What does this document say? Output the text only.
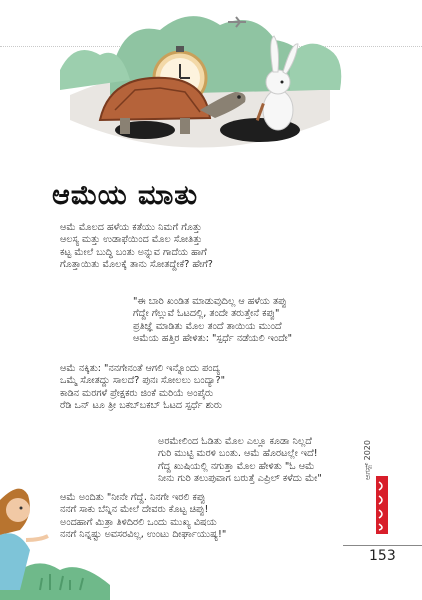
ಆಮೆಯ ಮಾತು
ಆಮೆ ಮೊಲದ ಹಳೆಯ ಕತೆಯು ನಿಮಗೆ ಗೊತ್ತು
ಆಲಸ್ಯ ಮತ್ತು ಉಡಾಫೆಯಿಂದ ಮೊಲ ಸೋತಿತ್ತು
ಕಟ್ಟ ಮೇಲೆ ಬುದ್ಧಿ ಬಂತು ಅನ್ನುವ ಗಾದೆಯ ಹಾಗೆ
ಗೊತ್ತಾಯಿತು ಮೊಲಕ್ಕೆ ತಾನು ಸೋತದ್ದೇಕೆ? ಹೇಗೆ?
"ಈ ಬಾರಿ ಖಂಡಿತ ಮಾಡುವುದಿಲ್ಲ ಆ ಹಳೆಯ ತಪ್ಪು
ಗೆದ್ದೇ ಗೆಲ್ಲುವೆ ಓಟದಲ್ಲಿ, ತಂದೇ ತರುತ್ತೇನೆ ಕಪ್ಪು"
ಪ್ರತಿಜ್ಞೆ ಮಾಡಿತು ಮೊಲ ತಂದೆ ತಾಯಿಯ ಮುಂದೆ
ಆಮೆಯ ಹತ್ತಿರ ಹೇಳಿತು: "ಸ್ಪರ್ಧೆ ನಡೆಯಲಿ ಇಂದೇ"
ಆಮೆ ನಕ್ಕಿತು: "ನನಗೇನಂತೆ ಆಗಲಿ ಇನ್ನೊಂದು ಪಂದ್ಯ
ಒಮ್ಮೆ ಸೋತದ್ದು ಸಾಲದೆ? ಪುನಃ ಸೋಲಲು ಬಂದ್ಯಾ?"
ಕಾಡಿನ ಮರಗಳೆ ಪ್ರೇಕ್ಷಕರು ಜಿಂಕೆ ಮರಿಯೆ ಅಂಪೈರು
ರೆಡಿ ಒನ್ ಟೂ ತ್ರೀ ಬಕಬ್‌ಬಕಬ್ ಓಟದ ಸ್ಪರ್ಧೆ ಶುರು
ಅರಮೇಲಿಂದ ಓಡಿತು ಮೊಲ ಎಲ್ಲೂ ಕೂಡಾ ನಿಲ್ಲದೆ
ಗುರಿ ಮುಟ್ಟಿ ಮರಳಿ ಬಂತು. ಆಮೆ ಹೊರಟಲ್ಲೇ ಇದೆ!
ಗೆದ್ದ ಖುಷಿಯಲ್ಲಿ ನಗುತ್ತಾ ಮೊಲ ಹೇಳಿತು "ಓ ಆಮೆ
ನೀನು ಗುರಿ ತಲುಪುವಾಗ ಬರುತ್ತೆ ಎಪ್ರಿಲ್ ಕಳೆದು ಮೇ"
ಆಮೆ ಅಂದಿತು "ನೀನೇ ಗೆದ್ದೆ. ನಿನಗೇ ಇರಲಿ ಕಪ್ಪು
ನನಗೆ ಸಾಕು ಬೆನ್ನಿನ ಮೇಲೆ ದೇವರು ಕೊಟ್ಟ ಚಿಪ್ಪು!
ಅಂದಹಾಗೆ ಮಿತ್ರಾ ತಿಳಿದಿರಲಿ ಒಂದು ಮುಖ್ಯ ವಿಷಯ
ನನಗೆ ನಿನ್ನಷ್ಟು ಅವಸರವಿಲ್ಲ, ಉಂಟು ದೀರ್ಘಾಯುಷ್ಯ!"
ಆಗಸ್ಟ್ 2020
153
